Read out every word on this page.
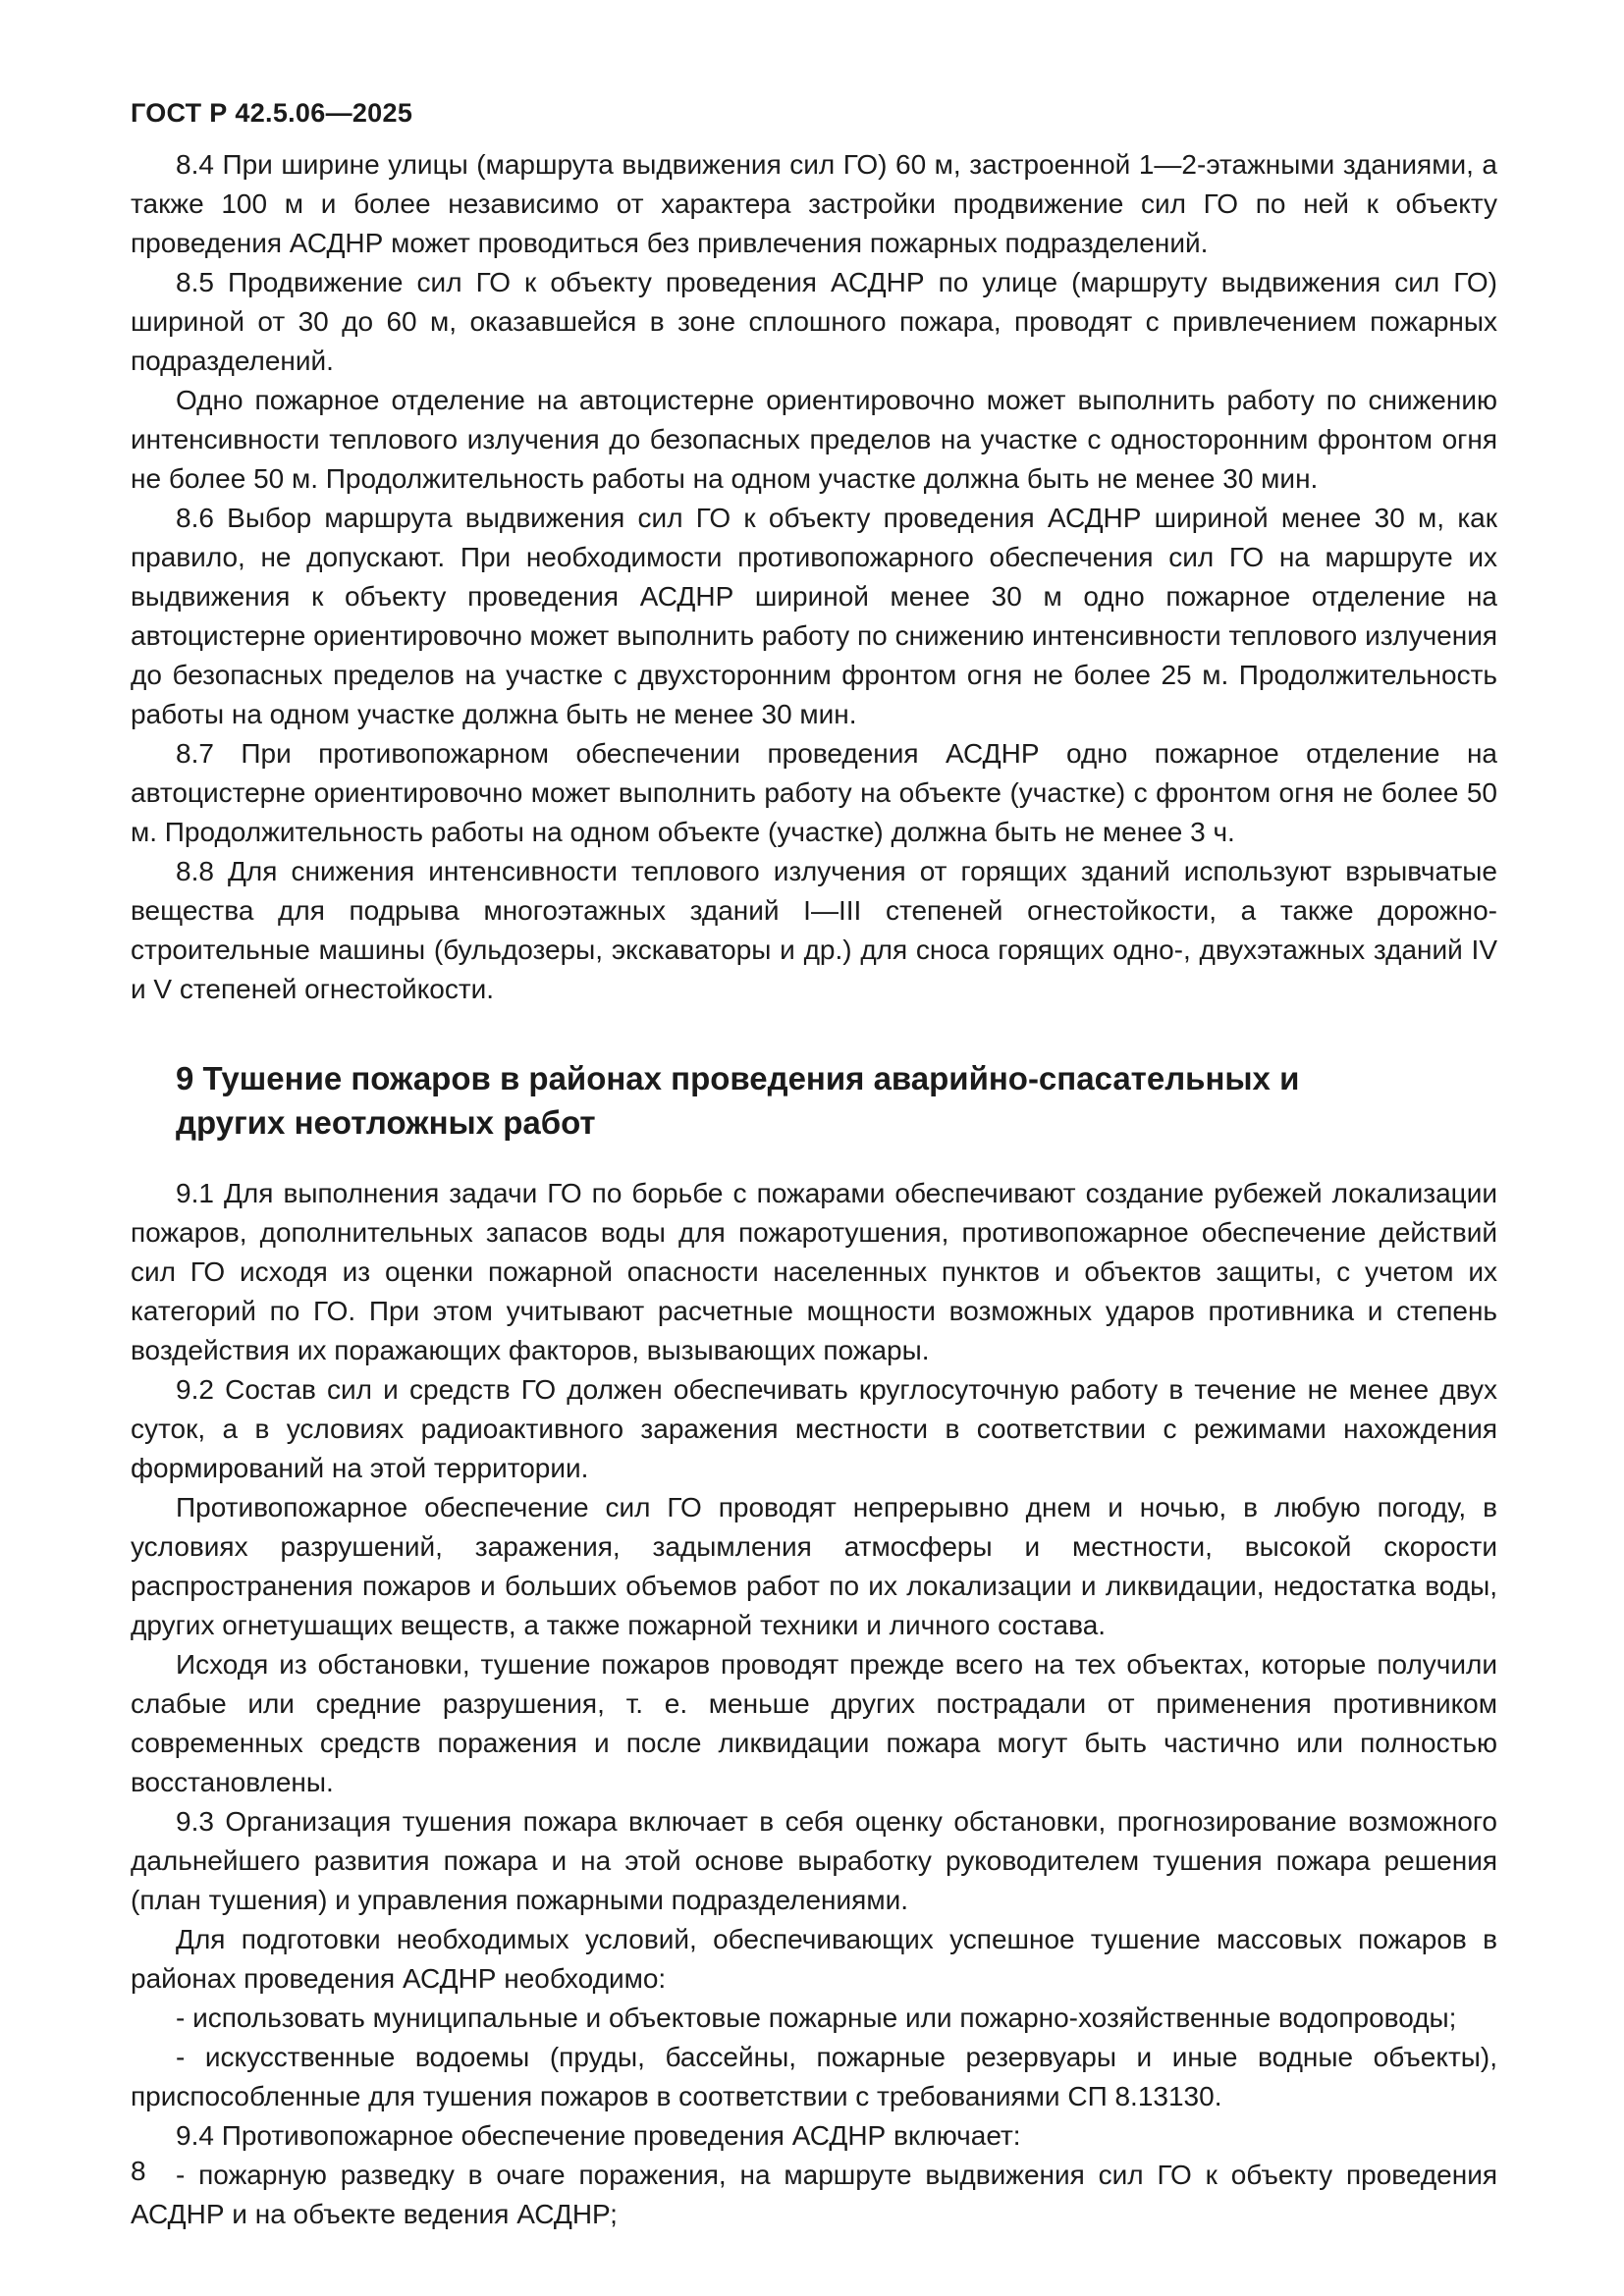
ГОСТ Р 42.5.06—2025

8.4 При ширине улицы (маршрута выдвижения сил ГО) 60 м, застроенной 1—2-этажными зданиями, а также 100 м и более независимо от характера застройки продвижение сил ГО по ней к объекту проведения АСДНР может проводиться без привлечения пожарных подразделений.

8.5 Продвижение сил ГО к объекту проведения АСДНР по улице (маршруту выдвижения сил ГО) шириной от 30 до 60 м, оказавшейся в зоне сплошного пожара, проводят с привлечением пожарных подразделений.

Одно пожарное отделение на автоцистерне ориентировочно может выполнить работу по снижению интенсивности теплового излучения до безопасных пределов на участке с односторонним фронтом огня не более 50 м. Продолжительность работы на одном участке должна быть не менее 30 мин.

8.6 Выбор маршрута выдвижения сил ГО к объекту проведения АСДНР шириной менее 30 м, как правило, не допускают. При необходимости противопожарного обеспечения сил ГО на маршруте их выдвижения к объекту проведения АСДНР шириной менее 30 м одно пожарное отделение на автоцистерне ориентировочно может выполнить работу по снижению интенсивности теплового излучения до безопасных пределов на участке с двухсторонним фронтом огня не более 25 м. Продолжительность работы на одном участке должна быть не менее 30 мин.

8.7 При противопожарном обеспечении проведения АСДНР одно пожарное отделение на автоцистерне ориентировочно может выполнить работу на объекте (участке) с фронтом огня не более 50 м. Продолжительность работы на одном объекте (участке) должна быть не менее 3 ч.

8.8 Для снижения интенсивности теплового излучения от горящих зданий используют взрывчатые вещества для подрыва многоэтажных зданий I—III степеней огнестойкости, а также дорожно-строительные машины (бульдозеры, экскаваторы и др.) для сноса горящих одно-, двухэтажных зданий IV и V степеней огнестойкости.

9 Тушение пожаров в районах проведения аварийно-спасательных и других неотложных работ

9.1 Для выполнения задачи ГО по борьбе с пожарами обеспечивают создание рубежей локализации пожаров, дополнительных запасов воды для пожаротушения, противопожарное обеспечение действий сил ГО исходя из оценки пожарной опасности населенных пунктов и объектов защиты, с учетом их категорий по ГО. При этом учитывают расчетные мощности возможных ударов противника и степень воздействия их поражающих факторов, вызывающих пожары.

9.2 Состав сил и средств ГО должен обеспечивать круглосуточную работу в течение не менее двух суток, а в условиях радиоактивного заражения местности в соответствии с режимами нахождения формирований на этой территории.

Противопожарное обеспечение сил ГО проводят непрерывно днем и ночью, в любую погоду, в условиях разрушений, заражения, задымления атмосферы и местности, высокой скорости распространения пожаров и больших объемов работ по их локализации и ликвидации, недостатка воды, других огнетушащих веществ, а также пожарной техники и личного состава.

Исходя из обстановки, тушение пожаров проводят прежде всего на тех объектах, которые получили слабые или средние разрушения, т. е. меньше других пострадали от применения противником современных средств поражения и после ликвидации пожара могут быть частично или полностью восстановлены.

9.3 Организация тушения пожара включает в себя оценку обстановки, прогнозирование возможного дальнейшего развития пожара и на этой основе выработку руководителем тушения пожара решения (план тушения) и управления пожарными подразделениями.

Для подготовки необходимых условий, обеспечивающих успешное тушение массовых пожаров в районах проведения АСДНР необходимо:

- использовать муниципальные и объектовые пожарные или пожарно-хозяйственные водопроводы;

- искусственные водоемы (пруды, бассейны, пожарные резервуары и иные водные объекты), приспособленные для тушения пожаров в соответствии с требованиями СП 8.13130.

9.4 Противопожарное обеспечение проведения АСДНР включает:

- пожарную разведку в очаге поражения, на маршруте выдвижения сил ГО к объекту проведения АСДНР и на объекте ведения АСДНР;

8
